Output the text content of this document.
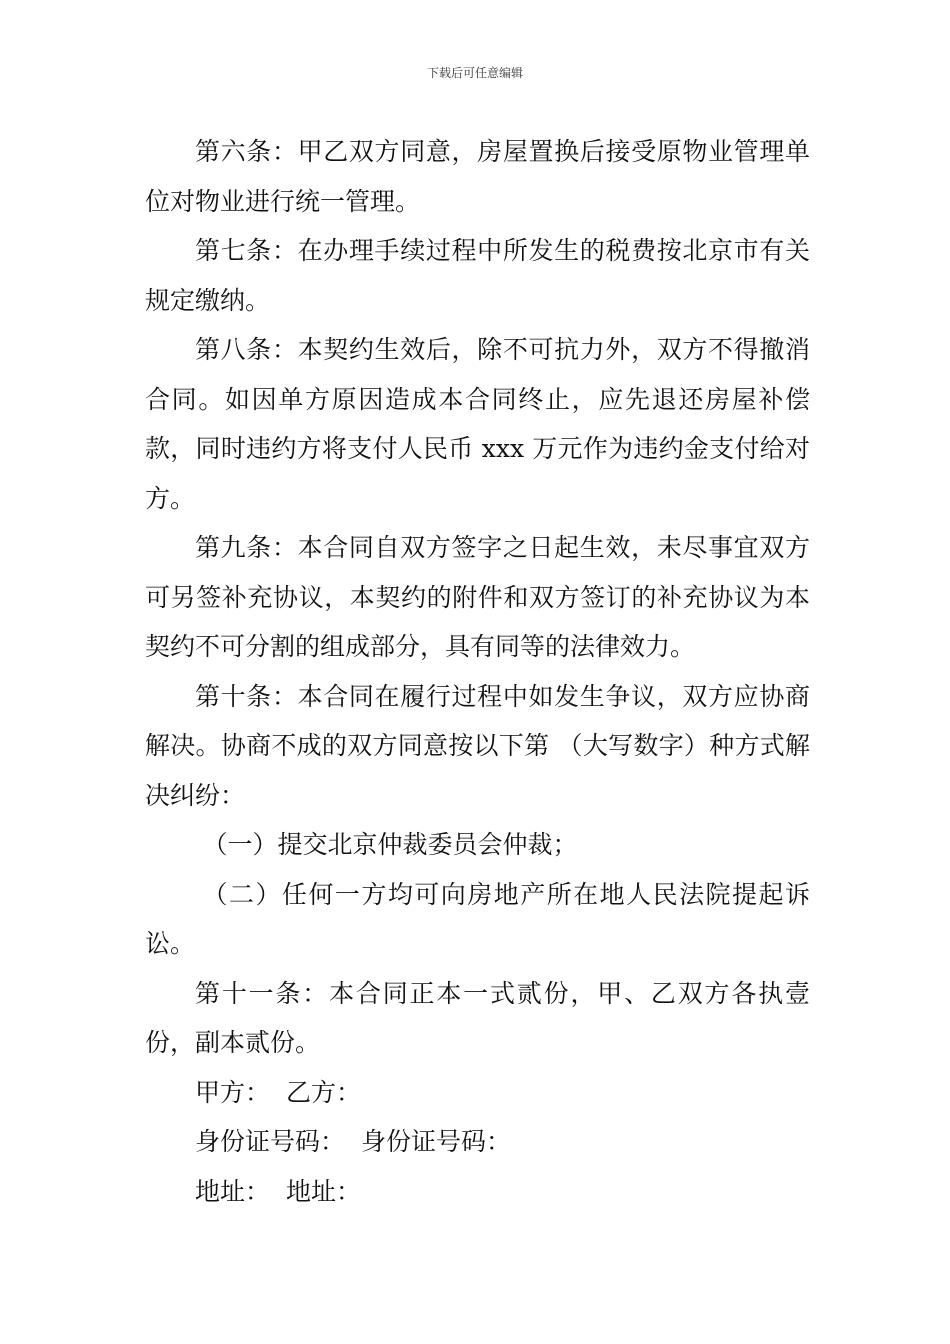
下载后可任意编辑

第六条：甲乙双方同意，房屋置换后接受原物业管理单位对物业进行统一管理。

第七条：在办理手续过程中所发生的税费按北京市有关规定缴纳。

第八条：本契约生效后，除不可抗力外，双方不得撤消合同。如因单方原因造成本合同终止，应先退还房屋补偿款，同时违约方将支付人民币 xxx 万元作为违约金支付给对方。

第九条：本合同自双方签字之日起生效，未尽事宜双方可另签补充协议，本契约的附件和双方签订的补充协议为本契约不可分割的组成部分，具有同等的法律效力。

第十条：本合同在履行过程中如发生争议，双方应协商解决。协商不成的双方同意按以下第 （大写数字）种方式解决纠纷：

（一）提交北京仲裁委员会仲裁；

（二）任何一方均可向房地产所在地人民法院提起诉讼。

第十一条：本合同正本一式贰份，甲、乙双方各执壹份，副本贰份。

甲方： 乙方：

身份证号码： 身份证号码：

地址： 地址：
